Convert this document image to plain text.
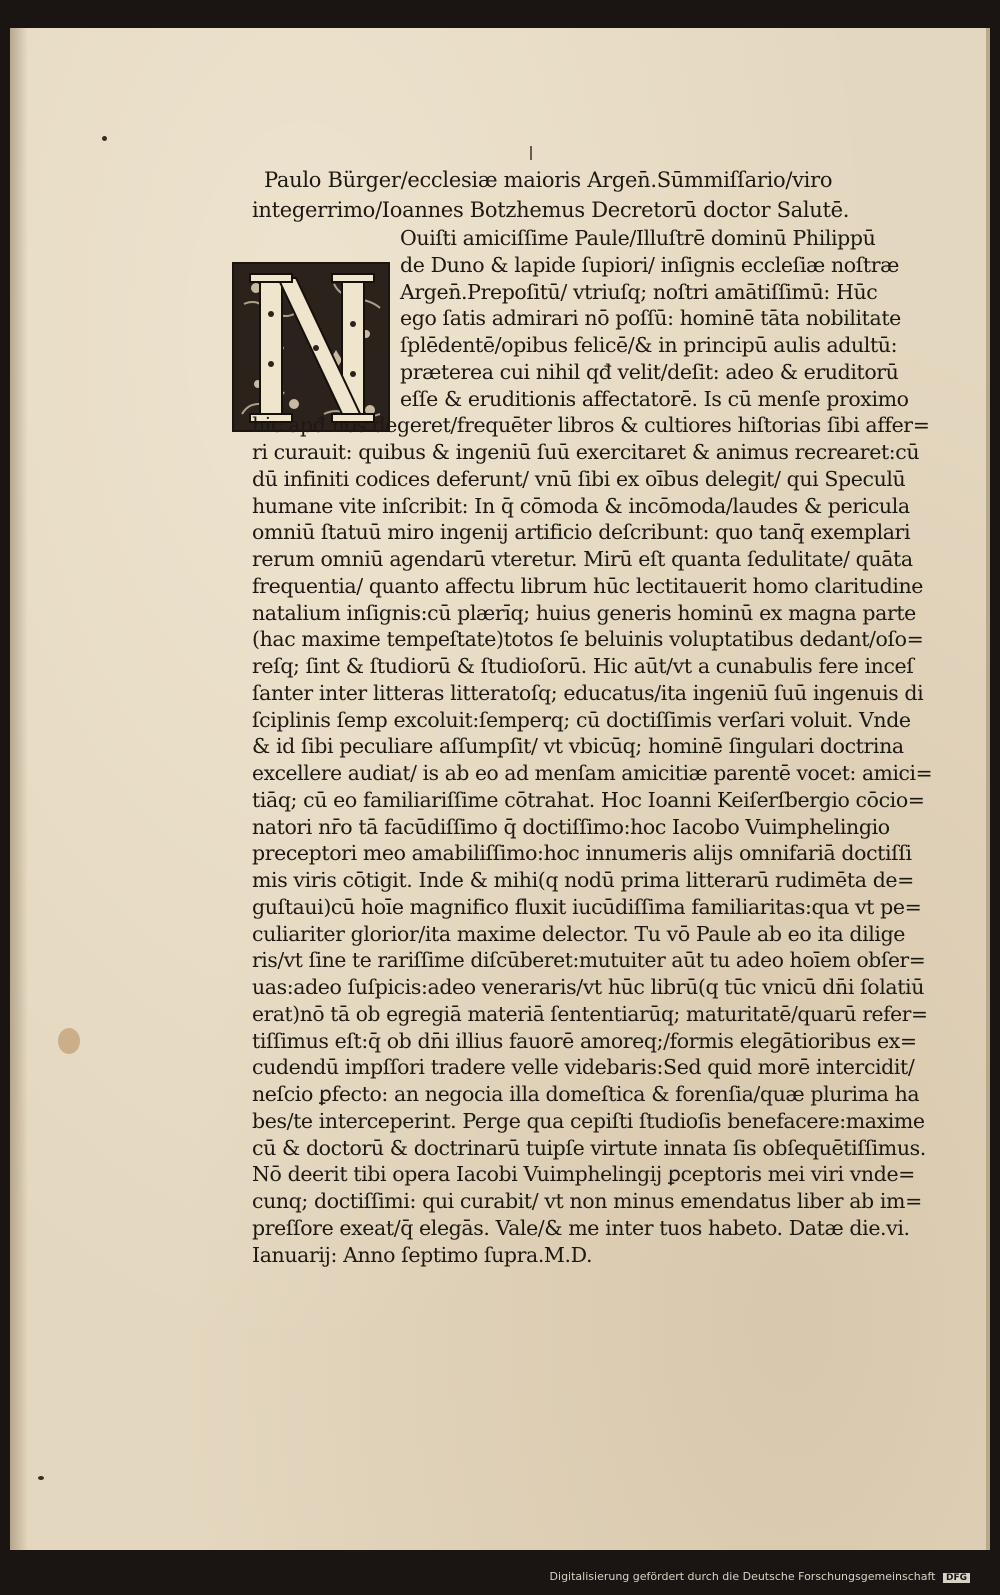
Paulo Bürger/ecclesiæ maioris Argen̄.Sūmmiſſario/viro
integerrimo/Ioannes Botzhemus Decretorū doctor Salutē.
Ouiſti amiciſſime Paule/Illuſtrē dominū Philippū
de Duno & lapide ſupiori/ inſignis eccleſiæ noſtræ
Argen̄.Prepoſitū/ vtriuſq; noſtri amātiſſimū: Hūc
ego ſatis admirari nō poſſū: hominē tāta nobilitate
ſplēdentē/opibus felicē/& in principū aulis adultū:
præterea cui nihil qđ velit/deſit: adeo & eruditorū
eſſe & eruditionis affectatorē. Is cū menſe proximo
hic apđ nos degeret/frequēter libros & cultiores hiſtorias ſibi affer=
ri curauit: quibus & ingeniū ſuū exercitaret & animus recrearet:cū
dū infiniti codices deferunt/ vnū ſibi ex oībus delegit/ qui Speculū
humane vite inſcribit: In q̄ cōmoda & incōmoda/laudes & pericula
omniū ſtatuū miro ingenij artificio deſcribunt: quo tanq̄ exemplari
rerum omniū agendarū vteretur. Mirū eſt quanta ſedulitate/ quāta
frequentia/ quanto affectu librum hūc lectitauerit homo claritudine
natalium inſignis:cū plærīq; huius generis hominū ex magna parte
(hac maxime tempeſtate)totos ſe beluinis voluptatibus dedant/oſo=
reſq; ſint & ſtudiorū & ſtudioſorū. Hic aūt/vt a cunabulis fere inceſ
ſanter inter litteras litteratoſq; educatus/ita ingeniū ſuū ingenuis di
ſciplinis ſemp excoluit:ſemperq; cū doctiſſimis verſari voluit. Vnde
& id ſibi peculiare aſſumpſit/ vt vbicūq; hominē ſingulari doctrina
excellere audiat/ is ab eo ad menſam amicitiæ parentē vocet: amici=
tiāq; cū eo familiariſſime cōtrahat. Hoc Ioanni Keiſerſbergio cōcio=
natori nr̄o tā facūdiſſimo q̄ doctiſſimo:hoc Iacobo Vuimphelingio
preceptori meo amabiliſſimo:hoc innumeris alijs omnifariā doctiſſi
mis viris cōtigit. Inde & mihi(q nodū prima litterarū rudimēta de=
guſtaui)cū hoīe magnifico fluxit iucūdiſſima familiaritas:qua vt pe=
culiariter glorior/ita maxime delector. Tu vō Paule ab eo ita dilige
ris/vt ſine te rariſſime diſcūberet:mutuiter aūt tu adeo hoīem obſer=
uas:adeo ſuſpicis:adeo veneraris/vt hūc librū(q tūc vnicū dn̄i ſolatiū
erat)nō tā ob egregiā materiā ſententiarūq; maturitatē/quarū refer=
tiſſimus eſt:q̄ ob dn̄i illius fauorē amoreq;/formis elegātioribus ex=
cudendū impſſori tradere velle videbaris:Sed quid morē intercidit/
neſcio ꝑfecto: an negocia illa domeſtica & forenſia/quæ plurima ha
bes/te interceperint. Perge qua cepiſti ſtudioſis benefacere:maxime
cū & doctorū & doctrinarū tuipſe virtute innata ſis obſequētiſſimus.
Nō deerit tibi opera Iacobi Vuimphelingij ꝑceptoris mei viri vnde=
cunq; doctiſſimi: qui curabit/ vt non minus emendatus liber ab im=
preſſore exeat/q̄ elegās. Vale/& me inter tuos habeto. Datæ die.vi.
Ianuarij: Anno ſeptimo ſupra.M.D.
Digitalisierung gefördert durch die Deutsche Forschungsgemeinschaft DFG
